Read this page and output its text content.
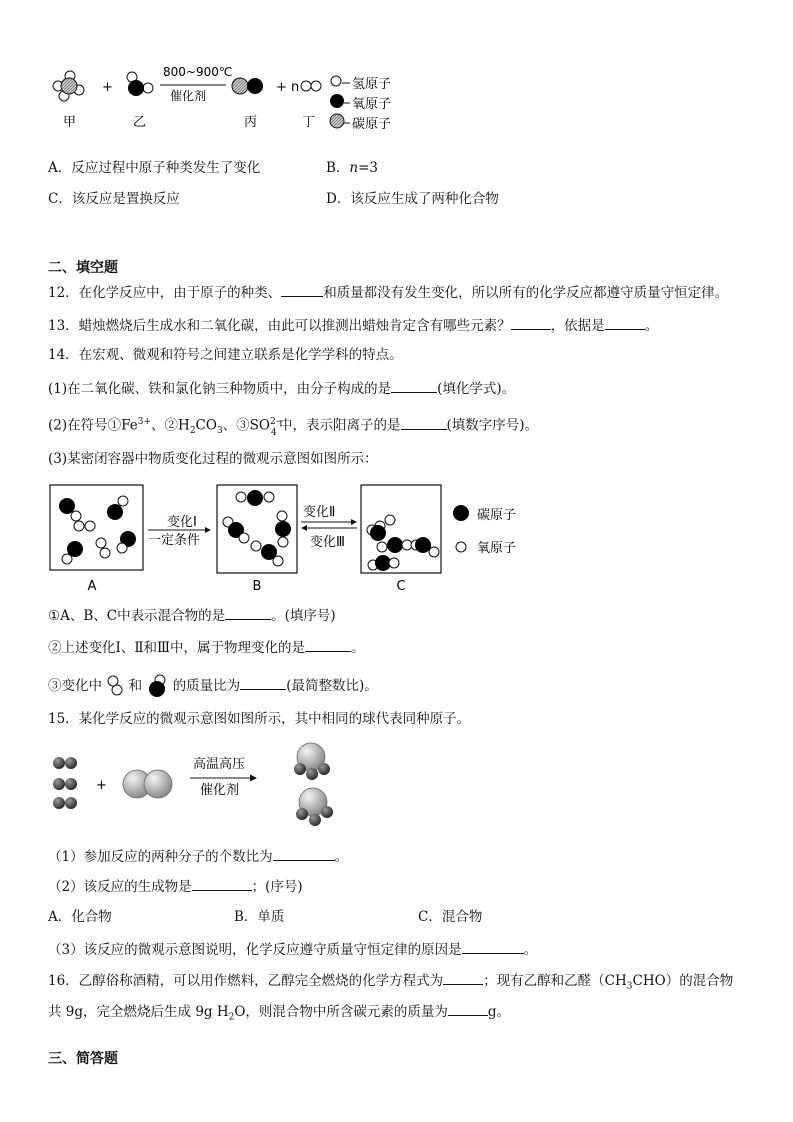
+
800~900℃
催化剂
+ n	氢原子
氧原子
碳原子
甲	乙	丙	丁
A．反应过程中原子种类发生了变化	B．n=3
C．该反应是置换反应	D．该反应生成了两种化合物
二、填空题
12．在化学反应中，由于原子的种类、	和质量都没有发生变化，所以所有的化学反应都遵守质量守恒定律。
13．蜡烛燃烧后生成水和二氧化碳，由此可以推测出蜡烛肯定含有哪些元素？	，依据是	。
14．在宏观、微观和符号之间建立联系是化学学科的特点。
(1)在二氧化碳、铁和氯化钠三种物质中，由分子构成的是	(填化学式)。
(2)在符号$①Fe^{3+}$、$②H_2CO_3$、③SO 2−
4 中，表示阳离子的是	(填数字序号)。
(3)某密闭容器中物质变化过程的微观示意图如图所示：
A
变化Ⅰ
一定条件
B
变化Ⅱ
变化Ⅲ
C
碳原子
氧原子
①A、B、C中表示混合物的是	。(填序号)
②上述变化Ⅰ、Ⅱ和Ⅲ中，属于物理变化的是	。
③变化中 和 的质量比为	(最简整数比)。
15．某化学反应的微观示意图如图所示，其中相同的球代表同种原子。
+
高温高压
催化剂
（1）参加反应的两种分子的个数比为	。
（2）该反应的生成物是	；(序号)
A．化合物	B．单质	C．混合物
（3）该反应的微观示意图说明，化学反应遵守质量守恒定律的原因是	。
16．乙醇俗称酒精，可以用作燃料，乙醇完全燃烧的化学方程式为	；现有乙醇和乙醛$(CH_3CHO)$的混合物
共 9g，完全燃烧后生成 9g $H_2O$，则混合物中所含碳元素的质量为	g。
三、简答题
